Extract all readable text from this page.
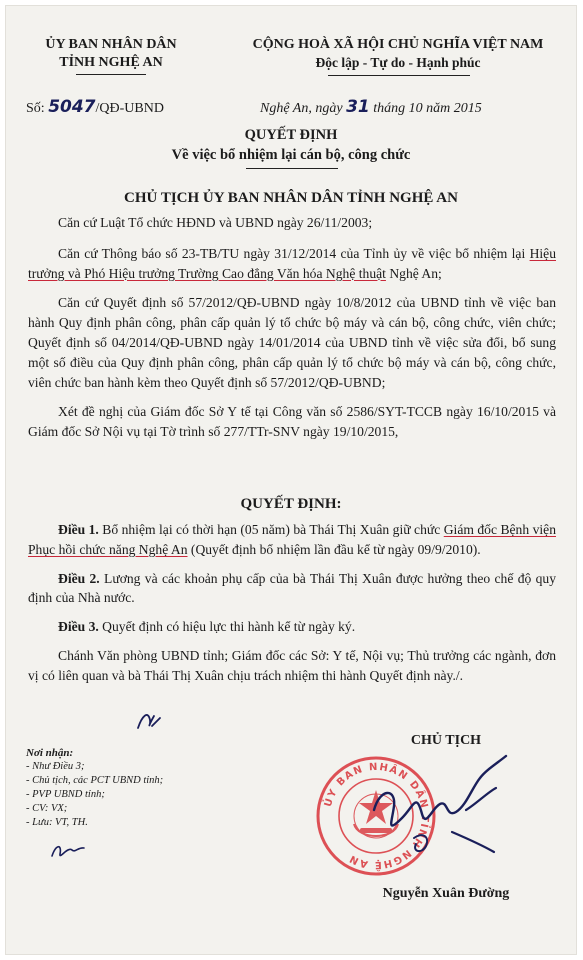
ỦY BAN NHÂN DÂN
TỈNH NGHỆ AN
CỘNG HOÀ XÃ HỘI CHỦ NGHĨA VIỆT NAM
Độc lập - Tự do - Hạnh phúc
Số: 5047/QĐ-UBND	Nghệ An, ngày 31 tháng 10 năm 2015
QUYẾT ĐỊNH
Về việc bổ nhiệm lại cán bộ, công chức
CHỦ TỊCH ỦY BAN NHÂN DÂN TỈNH NGHỆ AN

Căn cứ Luật Tổ chức HĐND và UBND ngày 26/11/2003;

Căn cứ Thông báo số 23-TB/TU ngày 31/12/2014 của Tỉnh ủy về việc bổ nhiệm lại Hiệu trưởng và Phó Hiệu trưởng Trường Cao đẳng Văn hóa Nghệ thuật Nghệ An;

Căn cứ Quyết định số 57/2012/QĐ-UBND ngày 10/8/2012 của UBND tỉnh về việc ban hành Quy định phân công, phân cấp quản lý tổ chức bộ máy và cán bộ, công chức, viên chức; Quyết định số 04/2014/QĐ-UBND ngày 14/01/2014 của UBND tỉnh về việc sửa đổi, bổ sung một số điều của Quy định phân công, phân cấp quản lý tổ chức bộ máy và cán bộ, công chức, viên chức ban hành kèm theo Quyết định số 57/2012/QĐ-UBND;

Xét đề nghị của Giám đốc Sở Y tế tại Công văn số 2586/SYT-TCCB ngày 16/10/2015 và Giám đốc Sở Nội vụ tại Tờ trình số 277/TTr-SNV ngày 19/10/2015,

QUYẾT ĐỊNH:

Điều 1. Bổ nhiệm lại có thời hạn (05 năm) bà Thái Thị Xuân giữ chức Giám đốc Bệnh viện Phục hồi chức năng Nghệ An (Quyết định bổ nhiệm lần đầu kể từ ngày 09/9/2010).

Điều 2. Lương và các khoản phụ cấp của bà Thái Thị Xuân được hưởng theo chế độ quy định của Nhà nước.

Điều 3. Quyết định có hiệu lực thi hành kể từ ngày ký.

Chánh Văn phòng UBND tỉnh; Giám đốc các Sở: Y tế, Nội vụ; Thủ trưởng các ngành, đơn vị có liên quan và bà Thái Thị Xuân chịu trách nhiệm thi hành Quyết định này./.

Nơi nhận:
- Như Điều 3;
- Chủ tịch, các PCT UBND tỉnh;
- PVP UBND tỉnh;
- CV: VX;
- Lưu: VT, TH.
CHỦ TỊCH
ỦY BAN NHÂN DÂN TỈNH NGHỆ AN
Nguyễn Xuân Đường
